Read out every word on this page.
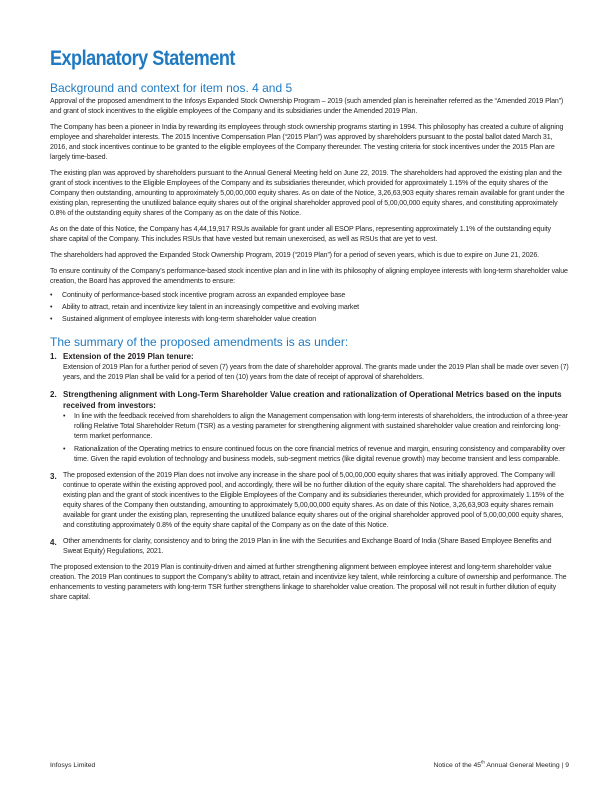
Explanatory Statement
Background and context for item nos. 4 and 5

Approval of the proposed amendment to the Infosys Expanded Stock Ownership Program – 2019 (such amended plan is hereinafter referred as the “Amended 2019 Plan”) and grant of stock incentives to the eligible employees of the Company and its subsidiaries under the Amended 2019 Plan.

The Company has been a pioneer in India by rewarding its employees through stock ownership programs starting in 1994. This philosophy has created a culture of aligning employee and shareholder interests. The 2015 Incentive Compensation Plan (“2015 Plan”) was approved by shareholders pursuant to the postal ballot dated March 31, 2016, and stock incentives continue to be granted to the eligible employees of the Company thereunder. The vesting criteria for stock incentives under the 2015 Plan are largely time-based.

The existing plan was approved by shareholders pursuant to the Annual General Meeting held on June 22, 2019. The shareholders had approved the existing plan and the grant of stock incentives to the Eligible Employees of the Company and its subsidiaries thereunder, which provided for approximately 1.15% of the equity shares of the Company then outstanding, amounting to approximately 5,00,00,000 equity shares. As on date of the Notice, 3,26,63,903 equity shares remain available for grant under the existing plan, representing the unutilized balance equity shares out of the original shareholder approved pool of 5,00,00,000 equity shares, and constituting approximately 0.8% of the outstanding equity shares of the Company as on the date of this Notice.

As on the date of this Notice, the Company has 4,44,19,917 RSUs available for grant under all ESOP Plans, representing approximately 1.1% of the outstanding equity share capital of the Company. This includes RSUs that have vested but remain unexercised, as well as RSUs that are yet to vest.

The shareholders had approved the Expanded Stock Ownership Program, 2019 (“2019 Plan”) for a period of seven years, which is due to expire on June 21, 2026.

To ensure continuity of the Company’s performance-based stock incentive plan and in line with its philosophy of aligning employee interests with long-term shareholder value creation, the Board has approved the amendments to ensure:

• Continuity of performance-based stock incentive program across an expanded employee base
• Ability to attract, retain and incentivize key talent in an increasingly competitive and evolving market
• Sustained alignment of employee interests with long-term shareholder value creation
The summary of the proposed amendments is as under:
1. Extension of the 2019 Plan tenure:
Extension of 2019 Plan for a further period of seven (7) years from the date of shareholder approval. The grants made under the 2019 Plan shall be made over seven (7) years, and the 2019 Plan shall be valid for a period of ten (10) years from the date of receipt of approval of shareholders.
2. Strengthening alignment with Long-Term Shareholder Value creation and rationalization of Operational Metrics based on the inputs received from investors:
• In line with the feedback received from shareholders to align the Management compensation with long-term interests of shareholders, the introduction of a three-year rolling Relative Total Shareholder Return (TSR) as a vesting parameter for strengthening alignment with sustained shareholder value creation and reinforcing long-term market performance.
• Rationalization of the Operating metrics to ensure continued focus on the core financial metrics of revenue and margin, ensuring consistency and comparability over time. Given the rapid evolution of technology and business models, sub-segment metrics (like digital revenue growth) may become transient and less comparable.
3. The proposed extension of the 2019 Plan does not involve any increase in the share pool of 5,00,00,000 equity shares that was initially approved. The Company will continue to operate within the existing approved pool, and accordingly, there will be no further dilution of the equity share capital. The shareholders had approved the existing plan and the grant of stock incentives to the Eligible Employees of the Company and its subsidiaries thereunder, which provided for approximately 1.15% of the equity shares of the Company then outstanding, amounting to approximately 5,00,00,000 equity shares. As on date of this Notice, 3,26,63,903 equity shares remain available for grant under the existing plan, representing the unutilized balance equity shares out of the original shareholder approved pool of 5,00,00,000 equity shares, and constituting approximately 0.8% of the equity share capital of the Company as on the date of this Notice.
4. Other amendments for clarity, consistency and to bring the 2019 Plan in line with the Securities and Exchange Board of India (Share Based Employee Benefits and Sweat Equity) Regulations, 2021.

The proposed extension to the 2019 Plan is continuity-driven and aimed at further strengthening alignment between employee interest and long-term shareholder value creation. The 2019 Plan continues to support the Company’s ability to attract, retain and incentivize key talent, while reinforcing a culture of ownership and performance. The enhancements to vesting parameters with long-term TSR further strengthens linkage to shareholder value creation. The proposal will not result in further dilution of equity share capital.

Infosys Limited	Notice of the 45th Annual General Meeting | 9
